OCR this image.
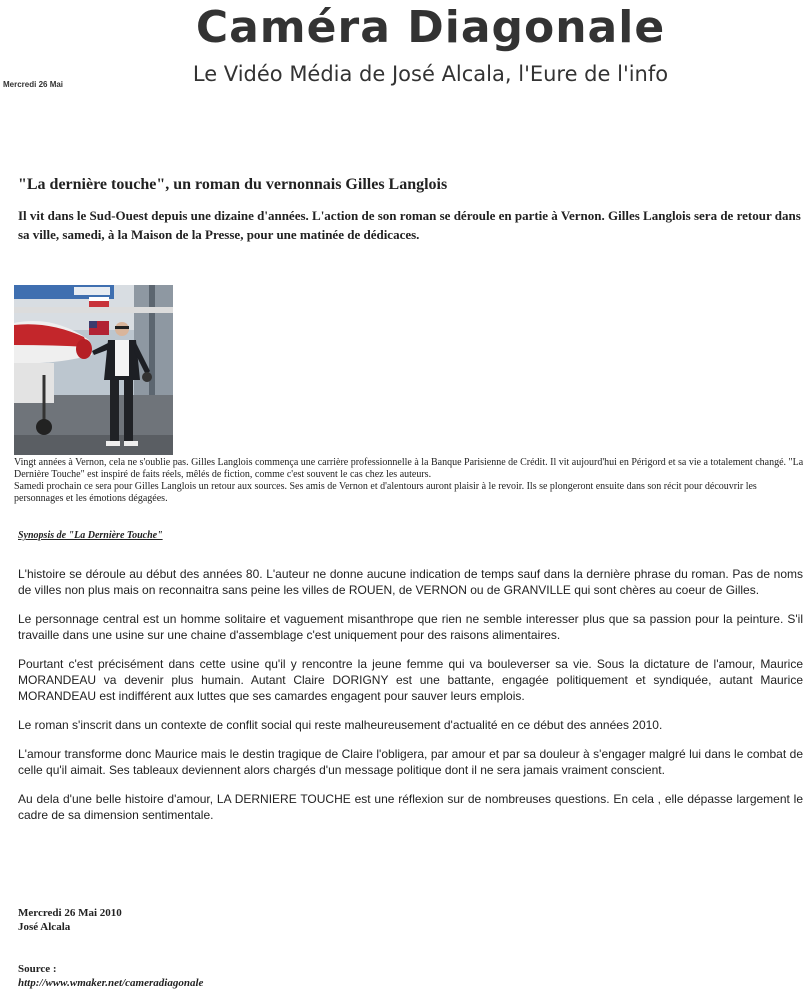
Caméra Diagonale
Le Vidéo Média de José Alcala, l'Eure de l'info
Mercredi 26 Mai
"La dernière touche", un roman du vernonnais Gilles Langlois
Il vit dans le Sud-Ouest depuis une dizaine d'années. L'action de son roman se déroule en partie à Vernon. Gilles Langlois sera de retour dans sa ville, samedi, à la Maison de la Presse, pour une matinée de dédicaces.

Vingt années à Vernon, cela ne s'oublie pas. Gilles Langlois commença une carrière professionnelle à la Banque Parisienne de Crédit. Il vit aujourd'hui en Périgord et sa vie a totalement changé. "La Dernière Touche" est inspiré de faits réels, mêlés de fiction, comme c'est souvent le cas chez les auteurs.

Samedi prochain ce sera pour Gilles Langlois un retour aux sources. Ses amis de Vernon et d'alentours auront plaisir à le revoir. Ils se plongeront ensuite dans son récit pour découvrir les personnages et les émotions dégagées.

Synopsis de "La Dernière Touche"

L'histoire se déroule au début des années 80. L'auteur ne donne aucune indication de temps sauf dans la dernière phrase du roman. Pas de noms de villes non plus mais on reconnaitra sans peine les villes de ROUEN, de VERNON ou de GRANVILLE qui sont chères au coeur de Gilles.

Le personnage central est un homme solitaire et vaguement misanthrope que rien ne semble interesser plus que sa passion pour la peinture. S'il travaille dans une usine sur une chaine d'assemblage c'est uniquement pour des raisons alimentaires.

Pourtant c'est précisément dans cette usine qu'il y rencontre la jeune femme qui va bouleverser sa vie. Sous la dictature de l'amour, Maurice MORANDEAU va devenir plus humain. Autant Claire DORIGNY est une battante, engagée politiquement et syndiquée, autant Maurice MORANDEAU est indifférent aux luttes que ses camardes engagent pour sauver leurs emplois.

Le roman s'inscrit dans un contexte de conflit social qui reste malheureusement d'actualité en ce début des années 2010.

L'amour transforme donc Maurice mais le destin tragique de Claire l'obligera, par amour et par sa douleur à s'engager malgré lui dans le combat de celle qu'il aimait. Ses tableaux deviennent alors chargés d'un message politique dont il ne sera jamais vraiment conscient.

Au dela d'une belle histoire d'amour, LA DERNIERE TOUCHE est une réflexion sur de nombreuses questions. En cela , elle dépasse largement le cadre de sa dimension sentimentale.

Mercredi 26 Mai 2010
José Alcala
Source :
http://www.wmaker.net/cameradiagonale
